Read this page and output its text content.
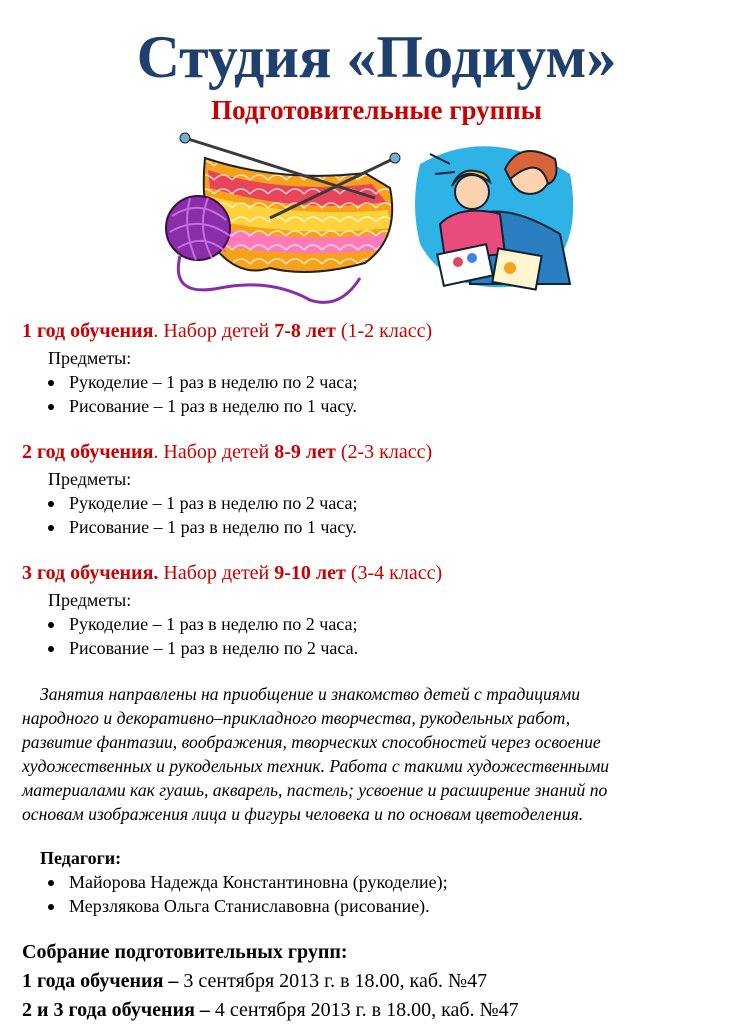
Студия «Подиум»
Подготовительные группы
1 год обучения. Набор детей 7-8 лет (1-2 класс)
Предметы:
Рукоделие – 1 раз в неделю по 2 часа;
Рисование – 1 раз в неделю по 1 часу.
2 год обучения. Набор детей 8-9 лет (2-3 класс)
Предметы:
Рукоделие – 1 раз в неделю по 2 часа;
Рисование – 1 раз в неделю по 1 часу.
3 год обучения. Набор детей 9-10 лет (3-4 класс)
Предметы:
Рукоделие – 1 раз в неделю по 2 часа;
Рисование – 1 раз в неделю по 2 часа.
Занятия направлены на приобщение и знакомство детей с традициями
народного и декоративно–прикладного творчества, рукодельных работ,
развитие фантазии, воображения, творческих способностей через освоение
художественных и рукодельных техник. Работа с такими художественными
материалами как гуашь, акварель, пастель; усвоение и расширение знаний по
основам изображения лица и фигуры человека и по основам цветоделения.
Педагоги:
Майорова Надежда Константиновна (рукоделие);
Мерзлякова Ольга Станиславовна (рисование).
Собрание подготовительных групп:
1 года обучения – 3 сентября 2013 г. в 18.00, каб. №47
2 и 3 года обучения – 4 сентября 2013 г. в 18.00, каб. №47
